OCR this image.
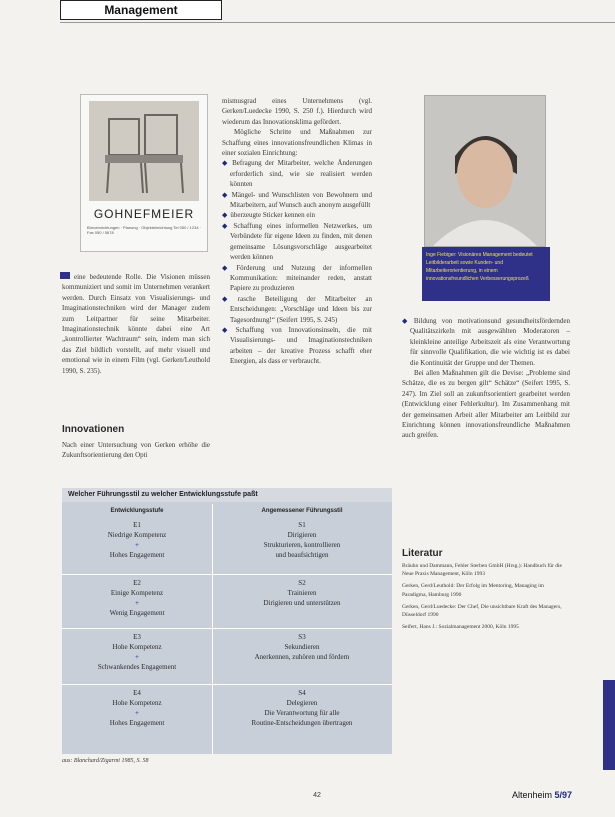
Management
GOHNEFMEIER
Büroeinrichtungen · Planung · Objekteinrichtung Tel 050 / 1234 · Fax 050 / 5678

eine bedeutende Rolle. Die Visionen müssen kommuniziert und somit im Unternehmen verankert werden. Durch Einsatz von Visualisierungs- und Imaginationstechniken wird der Manager zudem zum Leitpartner für seine Mitarbeiter. Imaginationstechnik könnte dabei eine Art „kontrollierter Wachtraum“ sein, indem man sich das Ziel bildlich vorstellt, auf mehr visuell und emotional wie in einem Film (vgl. Gerken/Leuthold 1990, S. 235).

Innovationen
Nach einer Untersuchung von Gerken erhöhe die Zukunftsorientierung den Opti

mismusgrad eines Unternehmens (vgl. Gerken/Luedecke 1990, S. 250 f.). Hierdurch wird wiederum das Innovationsklima gefördert.

Mögliche Schritte und Maßnahmen zur Schaffung eines innovationsfreundlichen Klimas in einer sozialen Einrichtung:

◆ Befragung der Mitarbeiter, welche Änderungen erforderlich sind, wie sie realisiert werden könnten
◆ Mängel- und Wunschlisten von Bewohnern und Mitarbeitern, auf Wunsch auch anonym ausgefüllt
◆ überzeugte Sticker kennen ein
◆ Schaffung eines informellen Netzwerkes, um Verbündete für eigene Ideen zu finden, mit denen gemeinsame Lösungsvorschläge ausgearbeitet werden können
◆ Förderung und Nutzung der informellen Kommunikation: miteinander reden, anstatt Papiere zu produzieren
◆ rasche Beteiligung der Mitarbeiter an Entscheidungen: „Vorschläge und Ideen bis zur Tagesordnung!“ (Seifert 1995, S. 245)
◆ Schaffung von Innovationsinseln, die mit Visualisierungs- und Imaginationstechniken arbeiten – der kreative Prozess schafft eher Energien, als dass er verbraucht.
Inge Fiebiger: Visionäres Management bedeutet Leitbilderarbeit sowie Kunden- und Mitarbeiterorientierung, in einem innovationsfreundlichen Verbesserungsprozeß
◆ Bildung von motivationsund gesundheitsfördernden Qualitätszirkeln mit ausgewählten Moderatoren – kleinkleine anteilige Arbeitszeit als eine Verantwortung für sinnvolle Qualifikation, die wie wichtig ist es dabei die Kontinuität der Gruppe und der Themen.

Bei allen Maßnahmen gilt die Devise: „Probleme sind Schätze, die es zu bergen gilt“ Schätze“ (Seifert 1995, S. 247). Im Ziel soll an zukunftsorientiert gearbeitet werden (Entwicklung einer Fehlerkultur). Im Zusammenhang mit der gemeinsamen Arbeit aller Mitarbeiter am Leitbild zur Einrichtung können innovationsfreundliche Maßnahmen auch greifen.

Literatur

Bräuhn und Dammann, Fehler Sterben GmbH (Hrsg.): Handbuch für die Neue Praxis Management, Köln 1993

Gerken, Gerd/Leuthold: Der Erfolg im Mentoring, Managing im Paradigma, Hamburg 1990

Gerken, Gerd/Luedecke: Der Chef, Die unsichtbare Kraft des Managers, Düsseldorf 1990

Seifert, Hans J.: Sozialmanagement 2000, Köln 1995

Welcher Führungsstil zu welcher Entwicklungsstufe paßt
Entwicklungsstufe	Angemessener Führungsstil
E1
Niedrige Kompetenz
+
Hohes Engagement
S1
Dirigieren
Strukturieren, kontrollieren
und beaufsichtigen
E2
Einige Kompetenz
+
Wenig Engagement
S2
Trainieren
Dirigieren und unterstützen
E3
Hohe Kompetenz
+
Schwankendes Engagement
S3
Sekundieren
Anerkennen, zuhören und fördern
E4
Hohe Kompetenz
+
Hohes Engagement
S4
Delegieren
Die Verantwortung für alle
Routine-Entscheidungen übertragen
aus: Blanchard/Zigarmi 1985, S. 58
42	Altenheim 5/97
